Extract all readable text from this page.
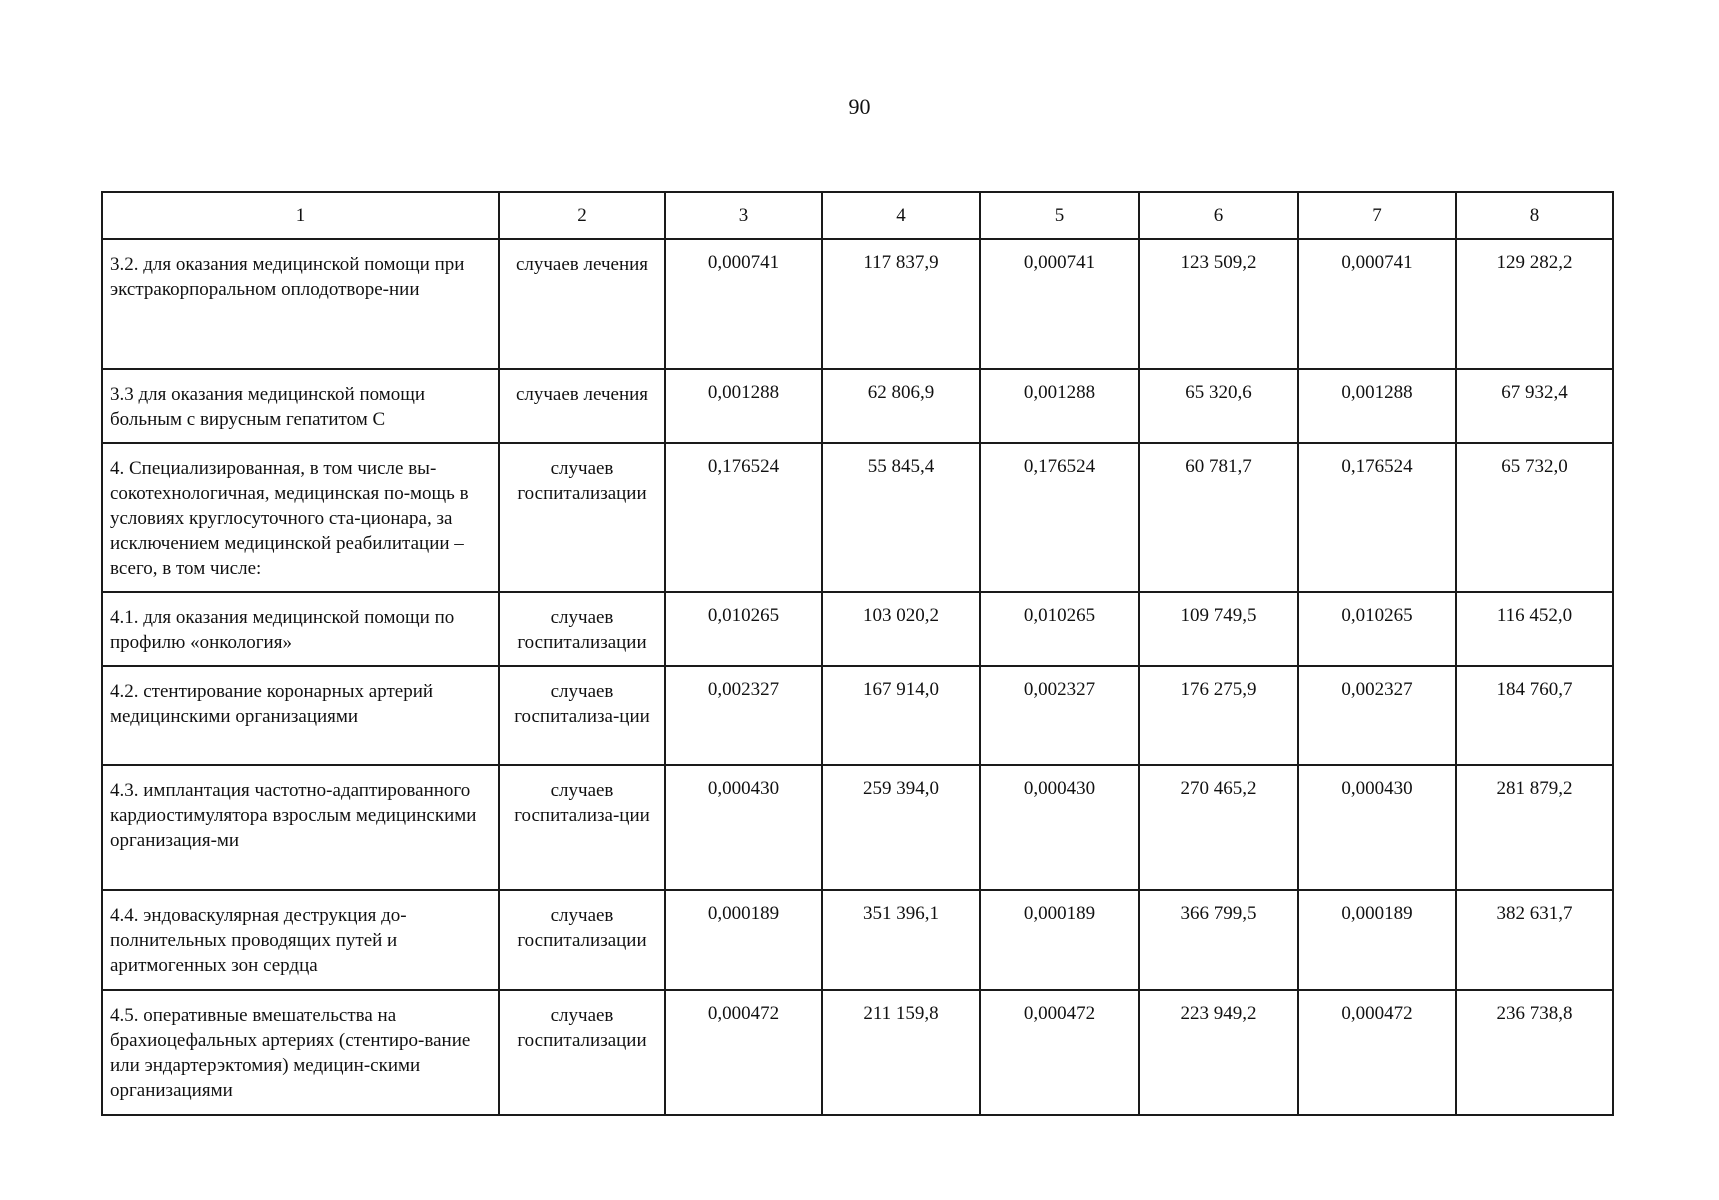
90
1	2	3	4	5	6	7	8
3.2. для оказания медицинской помощи при экстракорпоральном оплодотворе-нии	случаев лечения	0,000741	117 837,9	0,000741	123 509,2	0,000741	129 282,2
3.3 для оказания медицинской помощи больным с вирусным гепатитом С	случаев лечения	0,001288	62 806,9	0,001288	65 320,6	0,001288	67 932,4
4. Специализированная, в том числе вы-сокотехнологичная, медицинская по-мощь в условиях круглосуточного ста-ционара, за исключением медицинской реабилитации – всего, в том числе:	случаев госпитализации	0,176524	55 845,4	0,176524	60 781,7	0,176524	65 732,0
4.1. для оказания медицинской помощи по профилю «онкология»	случаев госпитализации	0,010265	103 020,2	0,010265	109 749,5	0,010265	116 452,0
4.2. стентирование коронарных артерий медицинскими организациями	случаев госпитализа-ции	0,002327	167 914,0	0,002327	176 275,9	0,002327	184 760,7
4.3. имплантация частотно-адаптированного кардиостимулятора взрослым медицинскими организация-ми	случаев госпитализа-ции	0,000430	259 394,0	0,000430	270 465,2	0,000430	281 879,2
4.4. эндоваскулярная деструкция до-полнительных проводящих путей и аритмогенных зон сердца	случаев госпитализации	0,000189	351 396,1	0,000189	366 799,5	0,000189	382 631,7
4.5. оперативные вмешательства на брахиоцефальных артериях (стентиро-вание или эндартерэктомия) медицин-скими организациями	случаев госпитализации	0,000472	211 159,8	0,000472	223 949,2	0,000472	236 738,8
